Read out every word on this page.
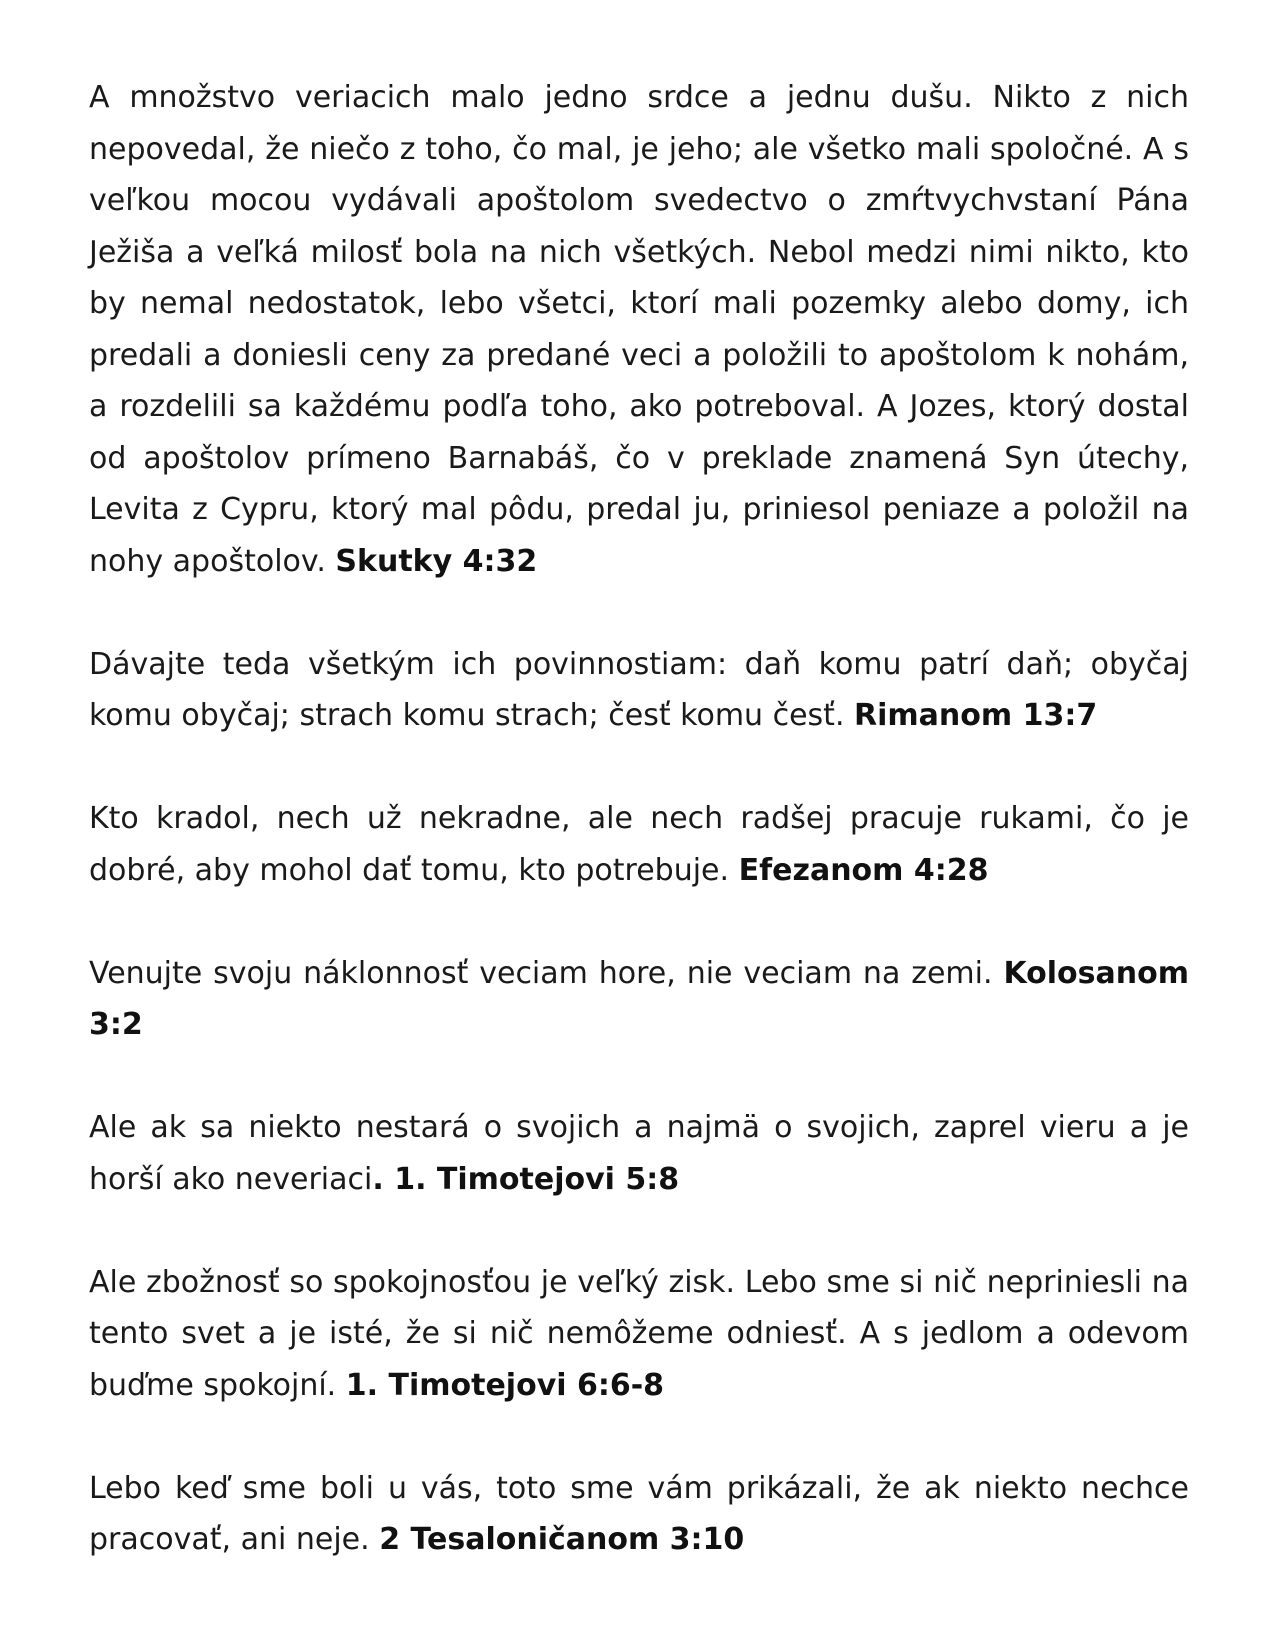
A množstvo veriacich malo jedno srdce a jednu dušu. Nikto z nich nepovedal, že niečo z toho, čo mal, je jeho; ale všetko mali spoločné. A s veľkou mocou vydávali apoštolom svedectvo o zmŕtvychvstaní Pána Ježiša a veľká milosť bola na nich všetkých. Nebol medzi nimi nikto, kto by nemal nedostatok, lebo všetci, ktorí mali pozemky alebo domy, ich predali a doniesli ceny za predané veci a položili to apoštolom k nohám, a rozdelili sa každému podľa toho, ako potreboval. A Jozes, ktorý dostal od apoštolov prímeno Barnabáš, čo v preklade znamená Syn útechy, Levita z Cypru, ktorý mal pôdu, predal ju, priniesol peniaze a položil na nohy apoštolov. Skutky 4:32

Dávajte teda všetkým ich povinnostiam: daň komu patrí daň; obyčaj komu obyčaj; strach komu strach; česť komu česť. Rimanom 13:7

Kto kradol, nech už nekradne, ale nech radšej pracuje rukami, čo je dobré, aby mohol dať tomu, kto potrebuje. Efezanom 4:28

Venujte svoju náklonnosť veciam hore, nie veciam na zemi. Kolosanom 3:2

Ale ak sa niekto nestará o svojich a najmä o svojich, zaprel vieru a je horší ako neveriaci. 1. Timotejovi 5:8

Ale zbožnosť so spokojnosťou je veľký zisk. Lebo sme si nič nepriniesli na tento svet a je isté, že si nič nemôžeme odniesť. A s jedlom a odevom buďme spokojní. 1. Timotejovi 6:6-8

Lebo keď sme boli u vás, toto sme vám prikázali, že ak niekto nechce pracovať, ani neje. 2 Tesaloničanom 3:10
